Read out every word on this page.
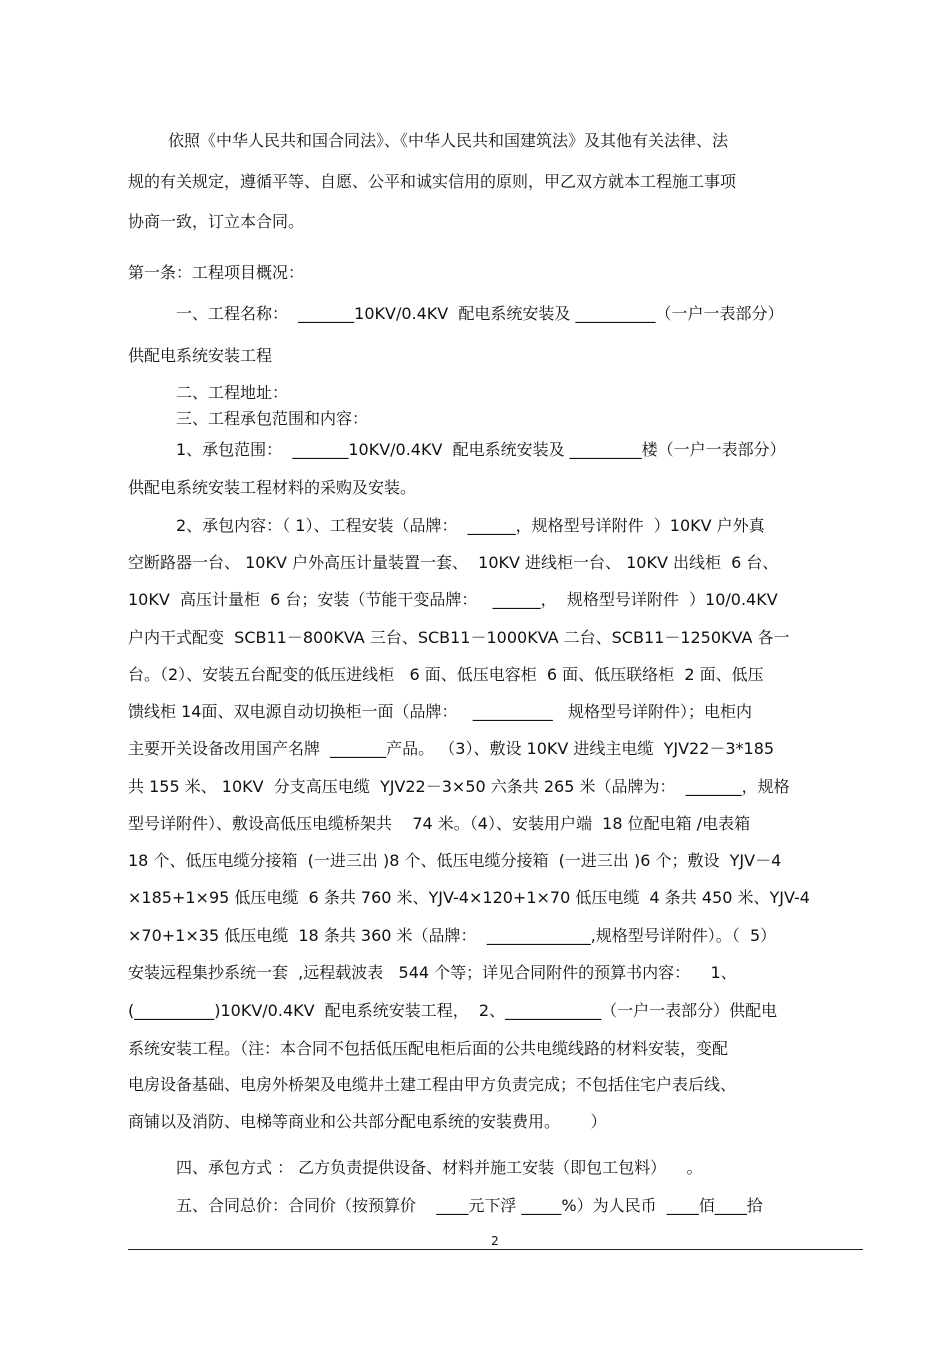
依照《中华人民共和国合同法》、《中华人民共和国建筑法》及其他有关法律、法
规的有关规定，遵循平等、自愿、公平和诚实信用的原则，甲乙双方就本工程施工事项
协商一致，订立本合同。
第一条：工程项目概况：
一、工程名称：  _______10KV/0.4KV  配电系统安装及 __________（一户一表部分）
供配电系统安装工程
二、工程地址：
三、工程承包范围和内容：
1、承包范围：  _______10KV/0.4KV  配电系统安装及 _________楼（一户一表部分）
供配电系统安装工程材料的采购及安装。
2、承包内容：（ 1）、工程安装（品牌：  ______，规格型号详附件  ）10KV 户外真
空断路器一台、 10KV 户外高压计量装置一套、  10KV 进线柜一台、 10KV 出线柜  6 台、
10KV  高压计量柜  6 台；安装（节能干变品牌：   ______，  规格型号详附件  ）10/0.4KV
户内干式配变  SCB11－800KVA 三台、SCB11－1000KVA 二台、SCB11－1250KVA 各一
台。（2）、安装五台配变的低压进线柜   6 面、低压电容柜  6 面、低压联络柜  2 面、低压
馈线柜 14面、双电源自动切换柜一面（品牌：   __________   规格型号详附件）；电柜内
主要开关设备改用国产名牌  _______产品。 （3）、敷设 10KV 进线主电缆  YJV22－3*185
共 155 米、 10KV  分支高压电缆  YJV22－3×50 六条共 265 米（品牌为：  _______，规格
型号详附件）、敷设高低压电缆桥架共    74 米。（4）、安装用户端  18 位配电箱 /电表箱
18 个、低压电缆分接箱  (一进三出 )8 个、低压电缆分接箱  (一进三出 )6 个；敷设  YJV－4
×185+1×95 低压电缆  6 条共 760 米、YJV-4×120+1×70 低压电缆  4 条共 450 米、YJV-4
×70+1×35 低压电缆  18 条共 360 米（品牌：  _____________,规格型号详附件）。（  5）
安装远程集抄系统一套  ,远程载波表   544 个等；详见合同附件的预算书内容：    1、
(__________)10KV/0.4KV  配电系统安装工程，  2、____________（一户一表部分）供配电
系统安装工程。（注：本合同不包括低压配电柜后面的公共电缆线路的材料安装，变配
电房设备基础、电房外桥架及电缆井土建工程由甲方负责完成；不包括住宅户表后线、
商铺以及消防、电梯等商业和公共部分配电系统的安装费用。      ）
四、承包方式 ： 乙方负责提供设备、材料并施工安装（即包工包料）    。
五、合同总价：合同价（按预算价    ____元下浮 _____%）为人民币  ____佰____拾
2
